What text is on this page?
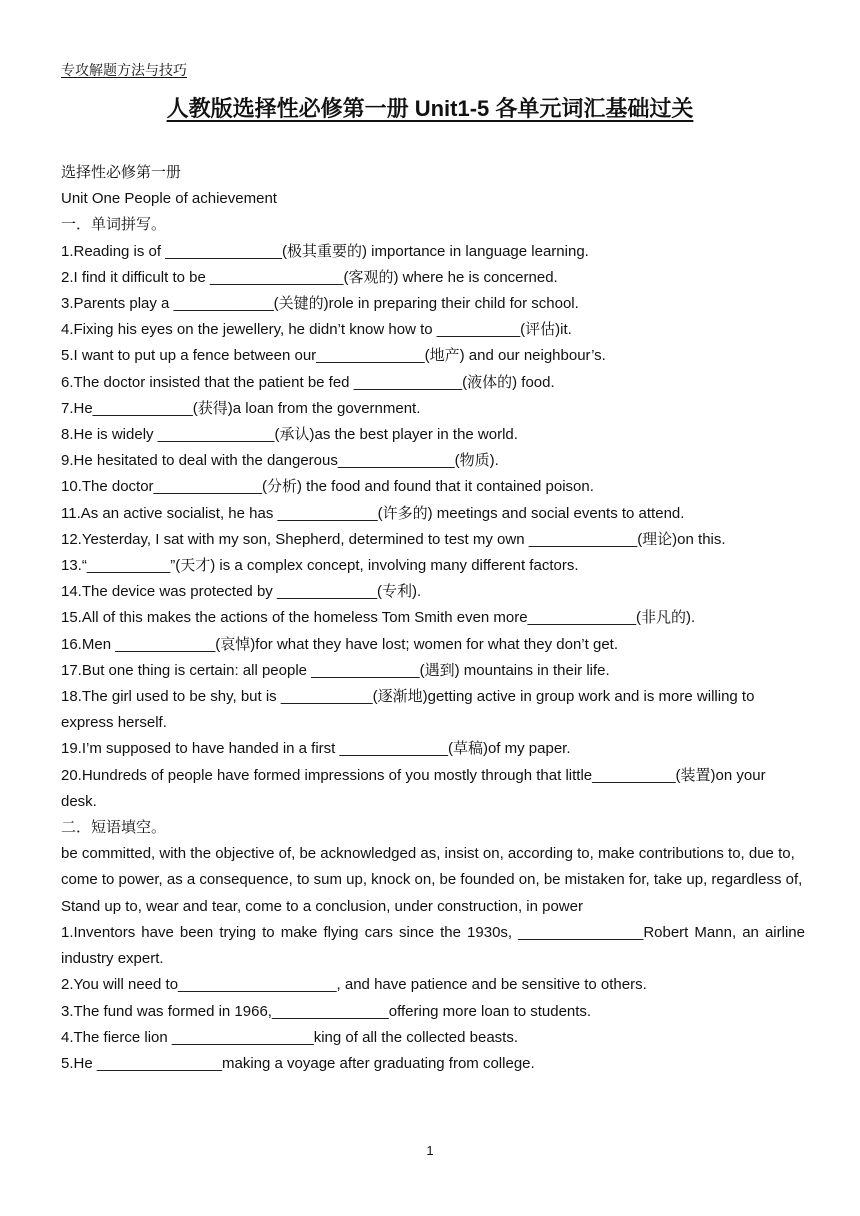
专攻解题方法与技巧
人教版选择性必修第一册 Unit1-5 各单元词汇基础过关

选择性必修第一册

Unit One People of achievement

一．单词拼写。

1.Reading is of ______________(极其重要的) importance in language learning.

2.I find it difficult to be ________________(客观的) where he is concerned.

3.Parents play a ____________(关键的)role in preparing their child for school.

4.Fixing his eyes on the jewellery, he didn’t know how to __________(评估)it.

5.I want to put up a fence between our_____________(地产) and our neighbour’s.

6.The doctor insisted that the patient be fed _____________(液体的) food.

7.He____________(获得)a loan from the government.

8.He is widely ______________(承认)as the best player in the world.

9.He hesitated to deal with the dangerous______________(物质).

10.The doctor_____________(分析) the food and found that it contained poison.

11.As an active socialist, he has ____________(许多的) meetings and social events to attend.

12.Yesterday, I sat with my son, Shepherd, determined to test my own _____________(理论)on this.

13.“__________”(天才) is a complex concept, involving many different factors.

14.The device was protected by ____________(专利).

15.All of this makes the actions of the homeless Tom Smith even more_____________(非凡的).

16.Men ____________(哀悼)for what they have lost; women for what they don’t get.

17.But one thing is certain: all people _____________(遇到) mountains in their life.

18.The girl used to be shy, but is ___________(逐渐地)getting active in group work and is more willing to express herself.

19.I’m supposed to have handed in a first _____________(草稿)of my paper.

20.Hundreds of people have formed impressions of you mostly through that little__________(装置)on your desk.

二．短语填空。

be committed, with the objective of, be acknowledged as, insist on, according to, make contributions to, due to,

come to power, as a consequence, to sum up, knock on, be founded on, be mistaken for, take up, regardless of,

Stand up to, wear and tear, come to a conclusion, under construction, in power

1.Inventors have been trying to make flying cars since the 1930s, _______________Robert Mann, an airline industry expert.

2.You will need to___________________, and have patience and be sensitive to others.

3.The fund was formed in 1966,______________offering more loan to students.

4.The fierce lion _________________king of all the collected beasts.

5.He _______________making a voyage after graduating from college.

1
